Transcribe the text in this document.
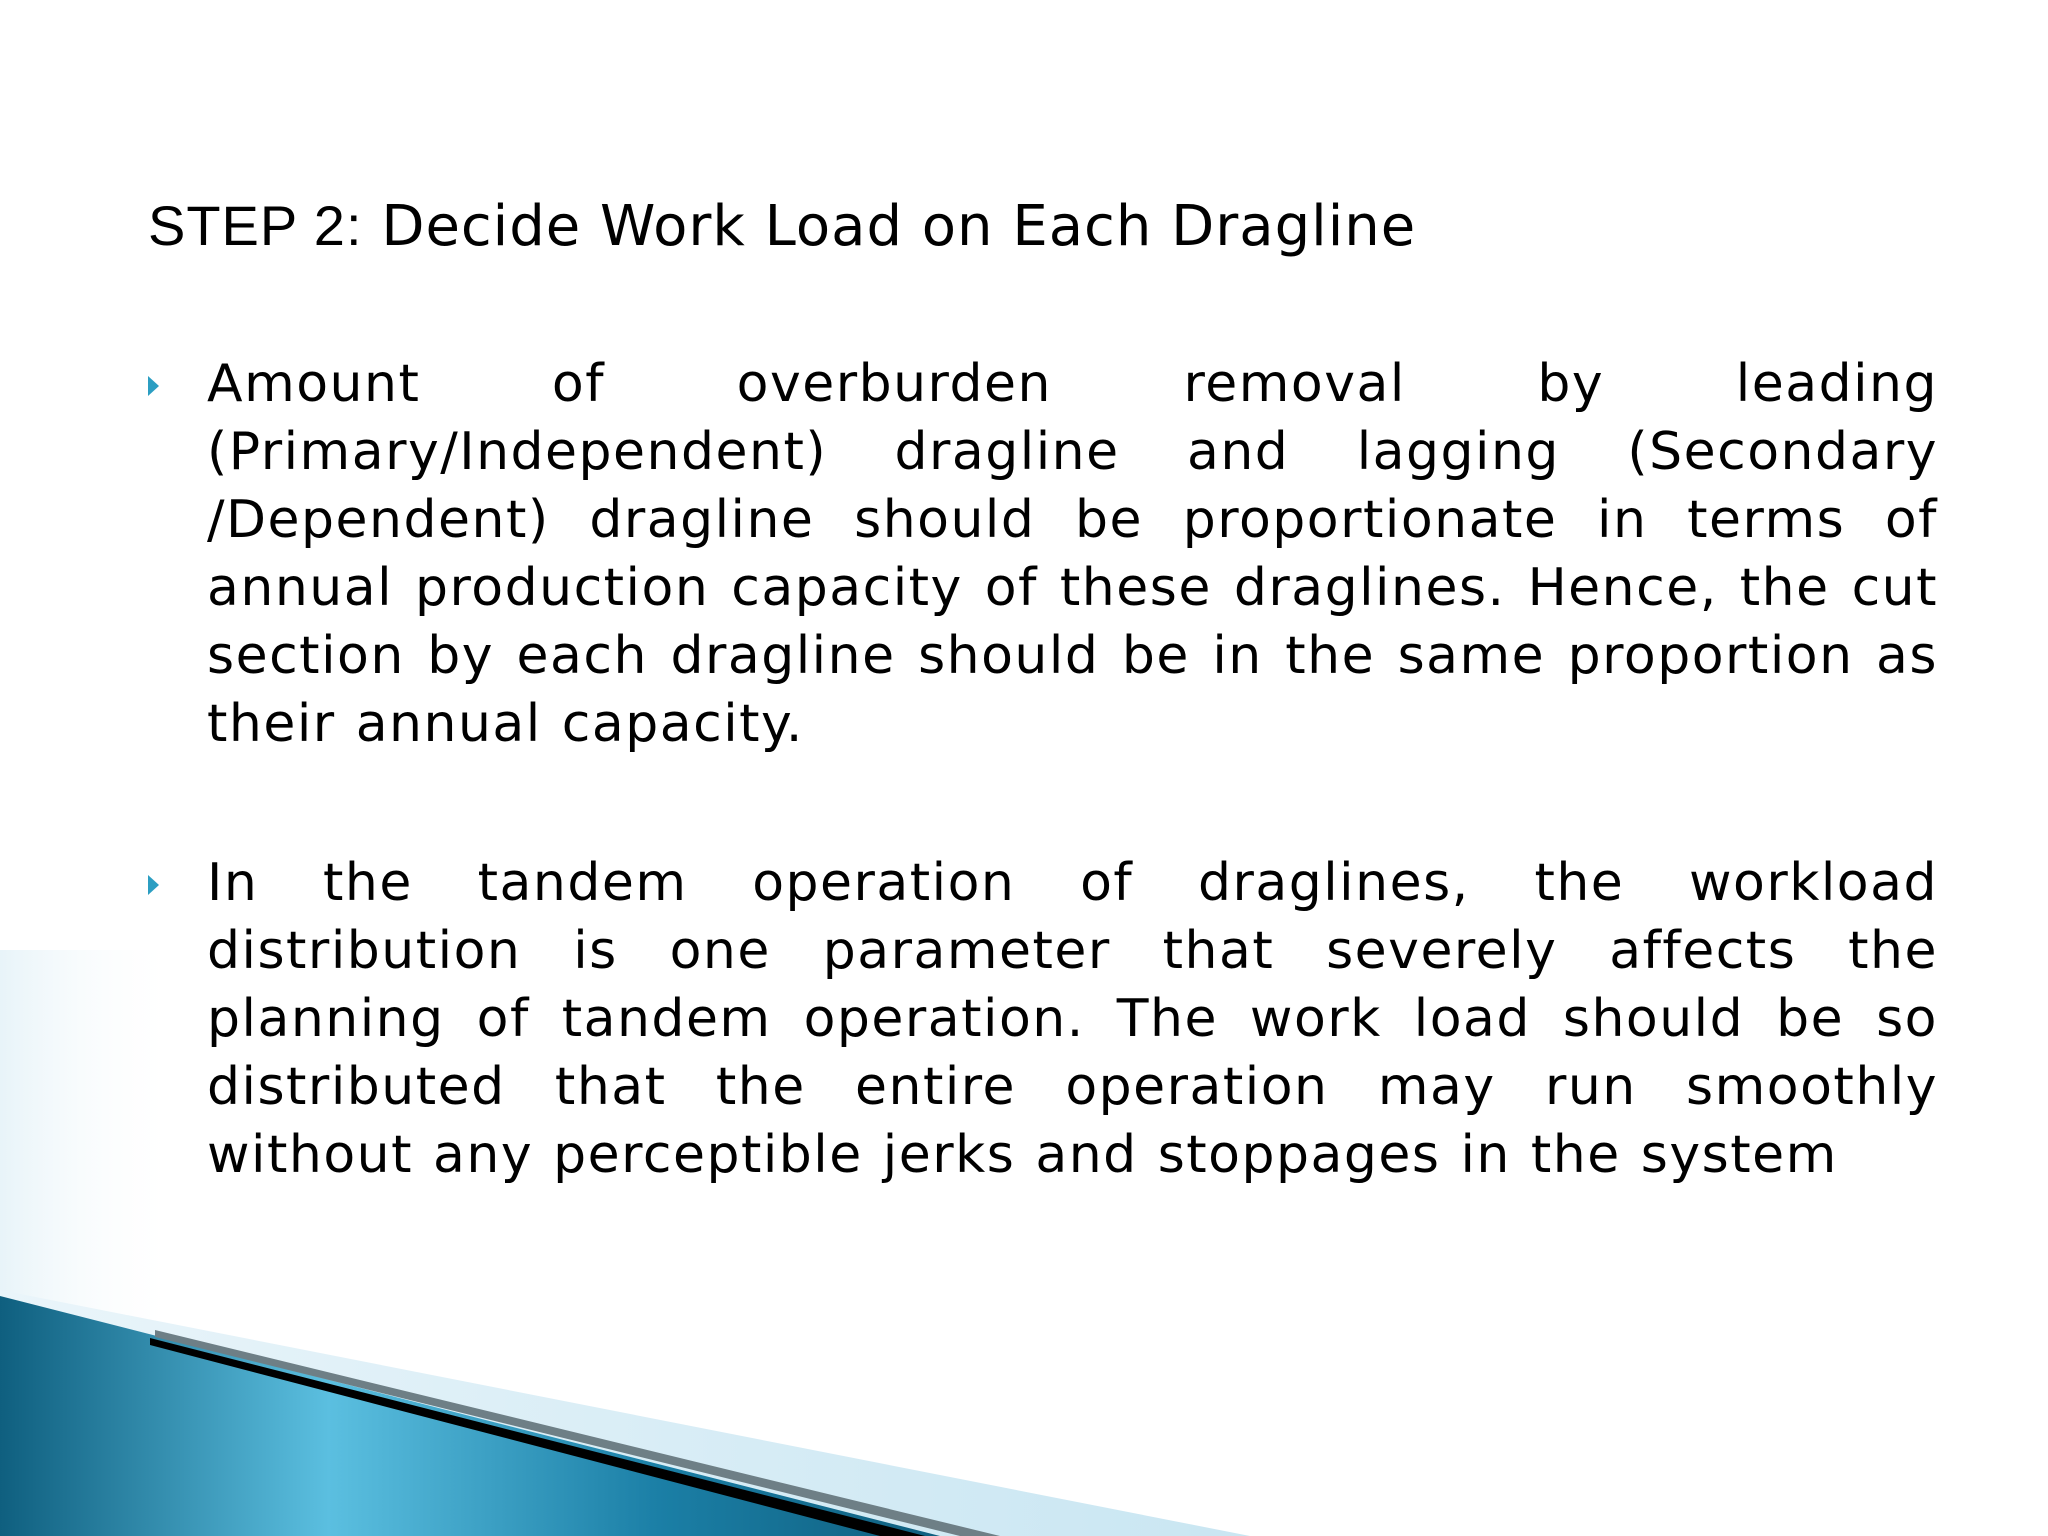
STEP 2: Decide Work Load on Each Dragline
Amount of overburden removal by leading (Primary/Independent) dragline and lagging (Secondary /Dependent) dragline should be proportionate in terms of annual production capacity of these draglines. Hence, the cut section by each dragline should be in the same proportion as their annual capacity.
In the tandem operation of draglines, the workload distribution is one parameter that severely affects the planning of tandem operation. The work load should be so distributed that the entire operation may run smoothly without any perceptible jerks and stoppages in the system
